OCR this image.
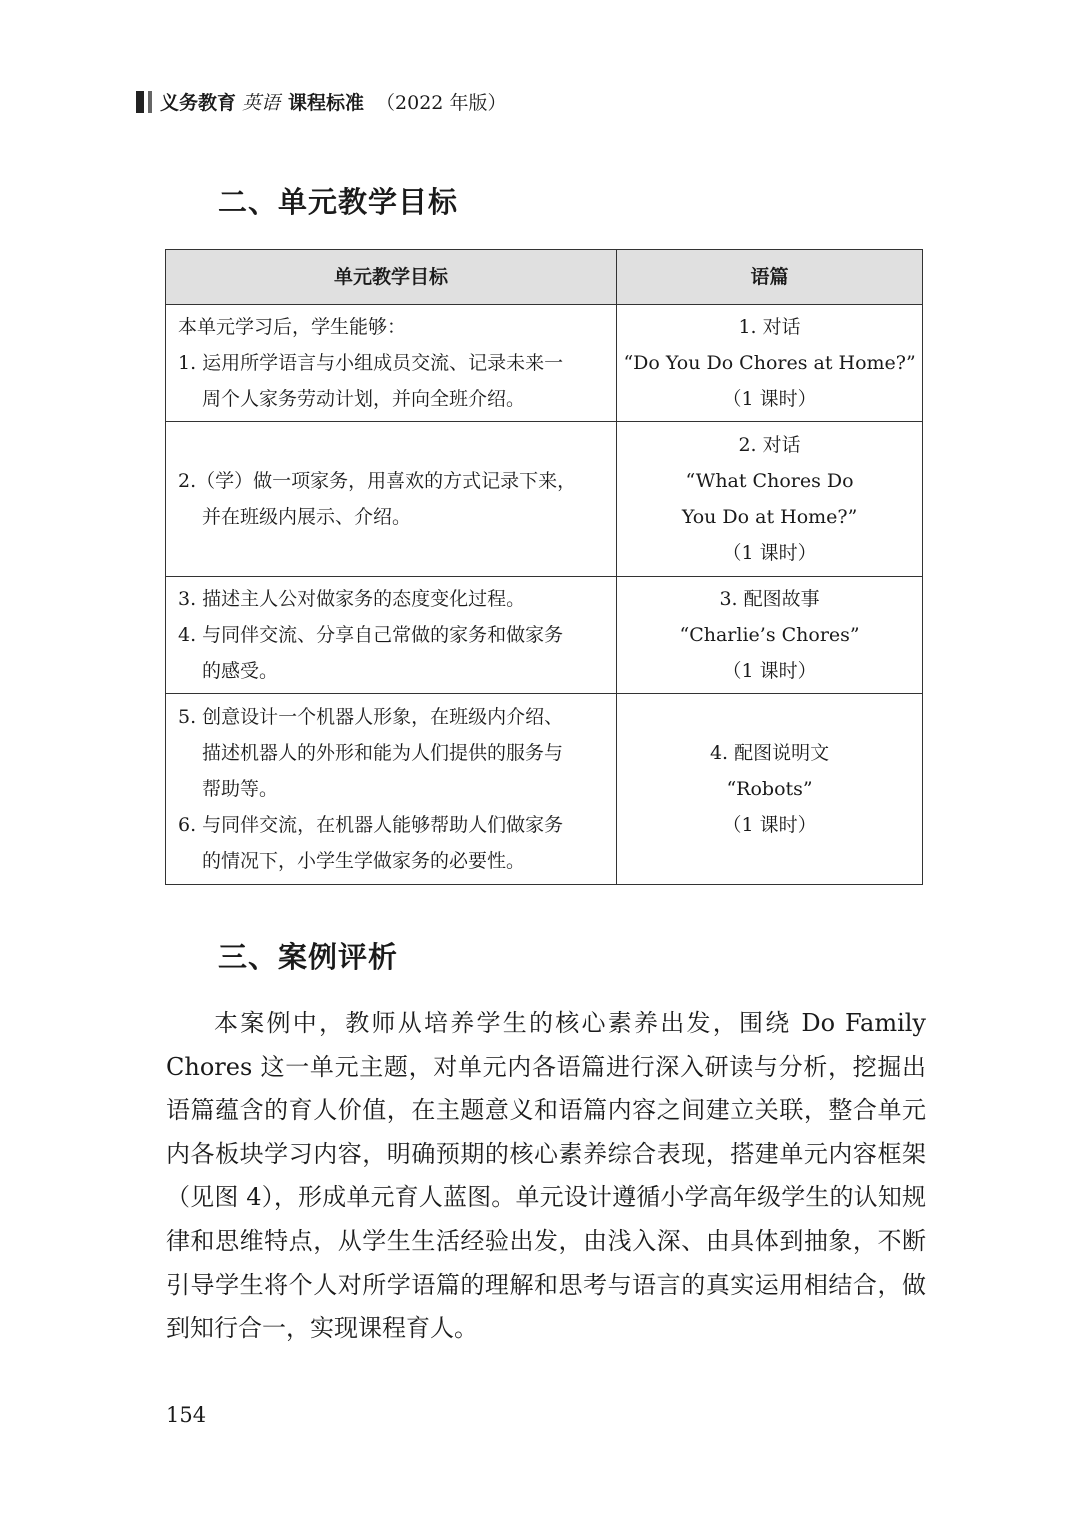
义务教育 英语 课程标准 （2022 年版）
二、单元教学目标
单元教学目标	语篇

本单元学习后，学生能够：
1. 运用所学语言与小组成员交流、记录未来一
周个人家务劳动计划，并向全班介绍。	1. 对话
“Do You Do Chores at Home?”
（1 课时）

2.（学）做一项家务，用喜欢的方式记录下来，
并在班级内展示、介绍。	2. 对话
“What Chores Do
You Do at Home?”
（1 课时）

3. 描述主人公对做家务的态度变化过程。
4. 与同伴交流、分享自己常做的家务和做家务
的感受。	3. 配图故事
“Charlie’s Chores”
（1 课时）

5. 创意设计一个机器人形象，在班级内介绍、
描述机器人的外形和能为人们提供的服务与
帮助等。
6. 与同伴交流，在机器人能够帮助人们做家务
的情况下，小学生学做家务的必要性。	4. 配图说明文
“Robots”
（1 课时）
三、案例评析

本案例中，教师从培养学生的核心素养出发，围绕 Do Family Chores 这一单元主题，对单元内各语篇进行深入研读与分析，挖掘出语篇蕴含的育人价值，在主题意义和语篇内容之间建立关联，整合单元内各板块学习内容，明确预期的核心素养综合表现，搭建单元内容框架（见图 4），形成单元育人蓝图。单元设计遵循小学高年级学生的认知规律和思维特点，从学生生活经验出发，由浅入深、由具体到抽象，不断引导学生将个人对所学语篇的理解和思考与语言的真实运用相结合，做到知行合一，实现课程育人。

154
